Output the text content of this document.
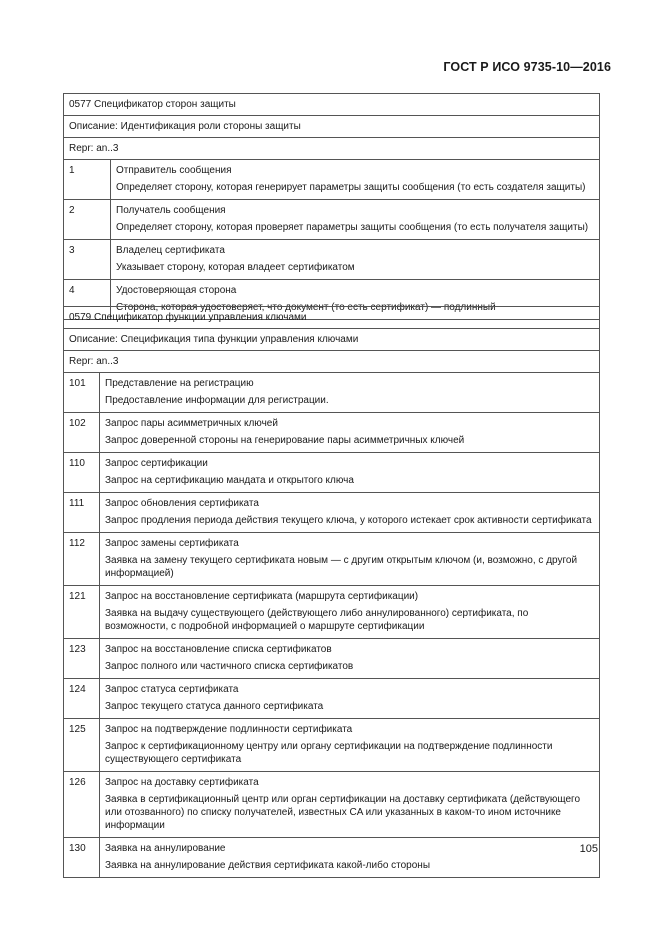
ГОСТ Р ИСО 9735-10—2016
0577 Спецификатор сторон защиты	
Описание: Идентификация роли стороны защиты	
Repr: an..3	
1	Отправитель сообщения
Определяет сторону, которая генерирует параметры защиты сообщения (то есть создателя защиты)

2	Получатель сообщения
Определяет сторону, которая проверяет параметры защиты сообщения (то есть получателя защиты)

3	Владелец сертификата
Указывает сторону, которая владеет сертификатом

4	Удостоверяющая сторона
Сторона, которая удостоверяет, что документ (то есть сертификат) — подлинный
0579 Спецификатор функции управления ключами	
Описание: Спецификация типа функции управления ключами	
Repr: an..3	
101	Представление на регистрацию
Предоставление информации для регистрации.

102	Запрос пары асимметричных ключей
Запрос доверенной стороны на генерирование пары асимметричных ключей

110	Запрос сертификации
Запрос на сертификацию мандата и открытого ключа

111	Запрос обновления сертификата
Запрос продления периода действия текущего ключа, у которого истекает срок активности сертификата

112	Запрос замены сертификата
Заявка на замену текущего сертификата новым — с другим открытым ключом (и, возможно, с другой информацией)

121	Запрос на восстановление сертификата (маршрута сертификации)
Заявка на выдачу существующего (действующего либо аннулированного) сертификата, по возможности, с подробной информацией о маршруте сертификации

123	Запрос на восстановление списка сертификатов
Запрос полного или частичного списка сертификатов

124	Запрос статуса сертификата
Запрос текущего статуса данного сертификата

125	Запрос на подтверждение подлинности сертификата
Запрос к сертификационному центру или органу сертификации на подтверждение подлинности существующего сертификата

126	Запрос на доставку сертификата
Заявка в сертификационный центр или орган сертификации на доставку сертификата (действующего или отозванного) по списку получателей, известных CA или указанных в каком-то ином источнике информации

130	Заявка на аннулирование
Заявка на аннулирование действия сертификата какой-либо стороны
105
